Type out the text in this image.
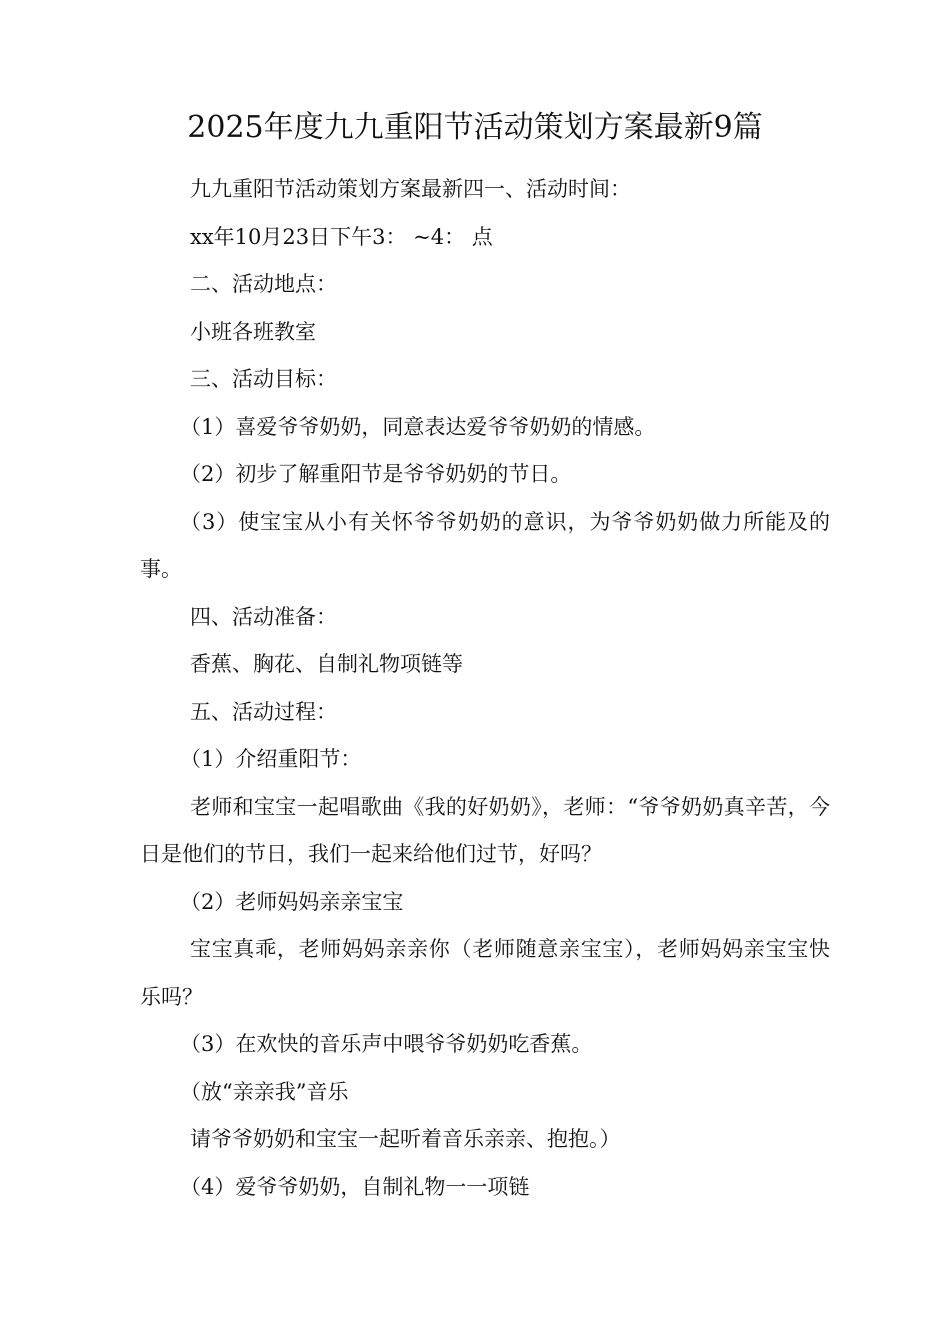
2025年度九九重阳节活动策划方案最新9篇

九九重阳节活动策划方案最新四一、活动时间：

xx年10月23日下午3： ~4： 点

二、活动地点：

小班各班教室

三、活动目标：

（1）喜爱爷爷奶奶，同意表达爱爷爷奶奶的情感。

（2）初步了解重阳节是爷爷奶奶的节日。

（3）使宝宝从小有关怀爷爷奶奶的意识，为爷爷奶奶做力所能及的事。

四、活动准备：

香蕉、胸花、自制礼物项链等

五、活动过程：

（1）介绍重阳节：

老师和宝宝一起唱歌曲《我的好奶奶》，老师：“爷爷奶奶真辛苦，今日是他们的节日，我们一起来给他们过节，好吗？

（2）老师妈妈亲亲宝宝

宝宝真乖，老师妈妈亲亲你（老师随意亲宝宝），老师妈妈亲宝宝快乐吗？

（3）在欢快的音乐声中喂爷爷奶奶吃香蕉。

（放“亲亲我”音乐

请爷爷奶奶和宝宝一起听着音乐亲亲、抱抱。）

（4）爱爷爷奶奶，自制礼物一一项链
